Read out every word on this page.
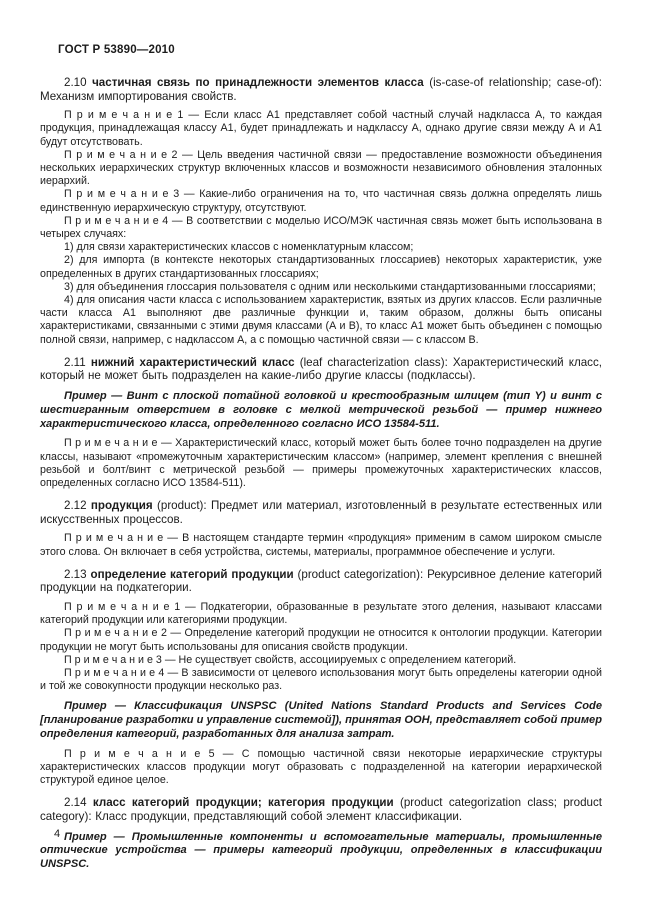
ГОСТ Р 53890—2010

2.10 частичная связь по принадлежности элементов класса (is-case-of relationship; case-of): Механизм импортирования свойств.

П р и м е ч а н и е 1 — Если класс А1 представляет собой частный случай надкласса А, то каждая продукция, принадлежащая классу А1, будет принадлежать и надклассу А, однако другие связи между А и А1 будут отсутствовать.

П р и м е ч а н и е 2 — Цель введения частичной связи — предоставление возможности объединения нескольких иерархических структур включенных классов и возможности независимого обновления эталонных иерархий.

П р и м е ч а н и е 3 — Какие-либо ограничения на то, что частичная связь должна определять лишь единственную иерархическую структуру, отсутствуют.

П р и м е ч а н и е 4 — В соответствии с моделью ИСО/МЭК частичная связь может быть использована в четырех случаях:

1) для связи характеристических классов с номенклатурным классом;

2) для импорта (в контексте некоторых стандартизованных глоссариев) некоторых характеристик, уже определенных в других стандартизованных глоссариях;

3) для объединения глоссария пользователя с одним или несколькими стандартизованными глоссариями;

4) для описания части класса с использованием характеристик, взятых из других классов. Если различные части класса А1 выполняют две различные функции и, таким образом, должны быть описаны характеристиками, связанными с этими двумя классами (А и В), то класс А1 может быть объединен с помощью полной связи, например, с надклассом А, а с помощью частичной связи — с классом В.

2.11 нижний характеристический класс (leaf characterization class): Характеристический класс, который не может быть подразделен на какие-либо другие классы (подклассы).

Пример — Винт с плоской потайной головкой и крестообразным шлицем (тип Y) и винт с шестигранным отверстием в головке с мелкой метрической резьбой — пример нижнего характеристического класса, определенного согласно ИСО 13584-511.

П р и м е ч а н и е — Характеристический класс, который может быть более точно подразделен на другие классы, называют «промежуточным характеристическим классом» (например, элемент крепления с внешней резьбой и болт/винт с метрической резьбой — примеры промежуточных характеристических классов, определенных согласно ИСО 13584-511).

2.12 продукция (product): Предмет или материал, изготовленный в результате естественных или искусственных процессов.

П р и м е ч а н и е — В настоящем стандарте термин «продукция» применим в самом широком смысле этого слова. Он включает в себя устройства, системы, материалы, программное обеспечение и услуги.

2.13 определение категорий продукции (product categorization): Рекурсивное деление категорий продукции на подкатегории.

П р и м е ч а н и е 1 — Подкатегории, образованные в результате этого деления, называют классами категорий продукции или категориями продукции.

П р и м е ч а н и е 2 — Определение категорий продукции не относится к онтологии продукции. Категории продукции не могут быть использованы для описания свойств продукции.

П р и м е ч а н и е 3 — Не существует свойств, ассоциируемых с определением категорий.

П р и м е ч а н и е 4 — В зависимости от целевого использования могут быть определены категории одной и той же совокупности продукции несколько раз.

Пример — Классификация UNSPSC (United Nations Standard Products and Services Code [планирование разработки и управление системой]), принятая ООН, представляет собой пример определения категорий, разработанных для анализа затрат.

П р и м е ч а н и е 5 — С помощью частичной связи некоторые иерархические структуры характеристических классов продукции могут образовать с подразделенной на категории иерархической структурой единое целое.

2.14 класс категорий продукции; категория продукции (product categorization class; product category): Класс продукции, представляющий собой элемент классификации.

Пример — Промышленные компоненты и вспомогательные материалы, промышленные оптические устройства — примеры категорий продукции, определенных в классификации UNSPSC.

4
